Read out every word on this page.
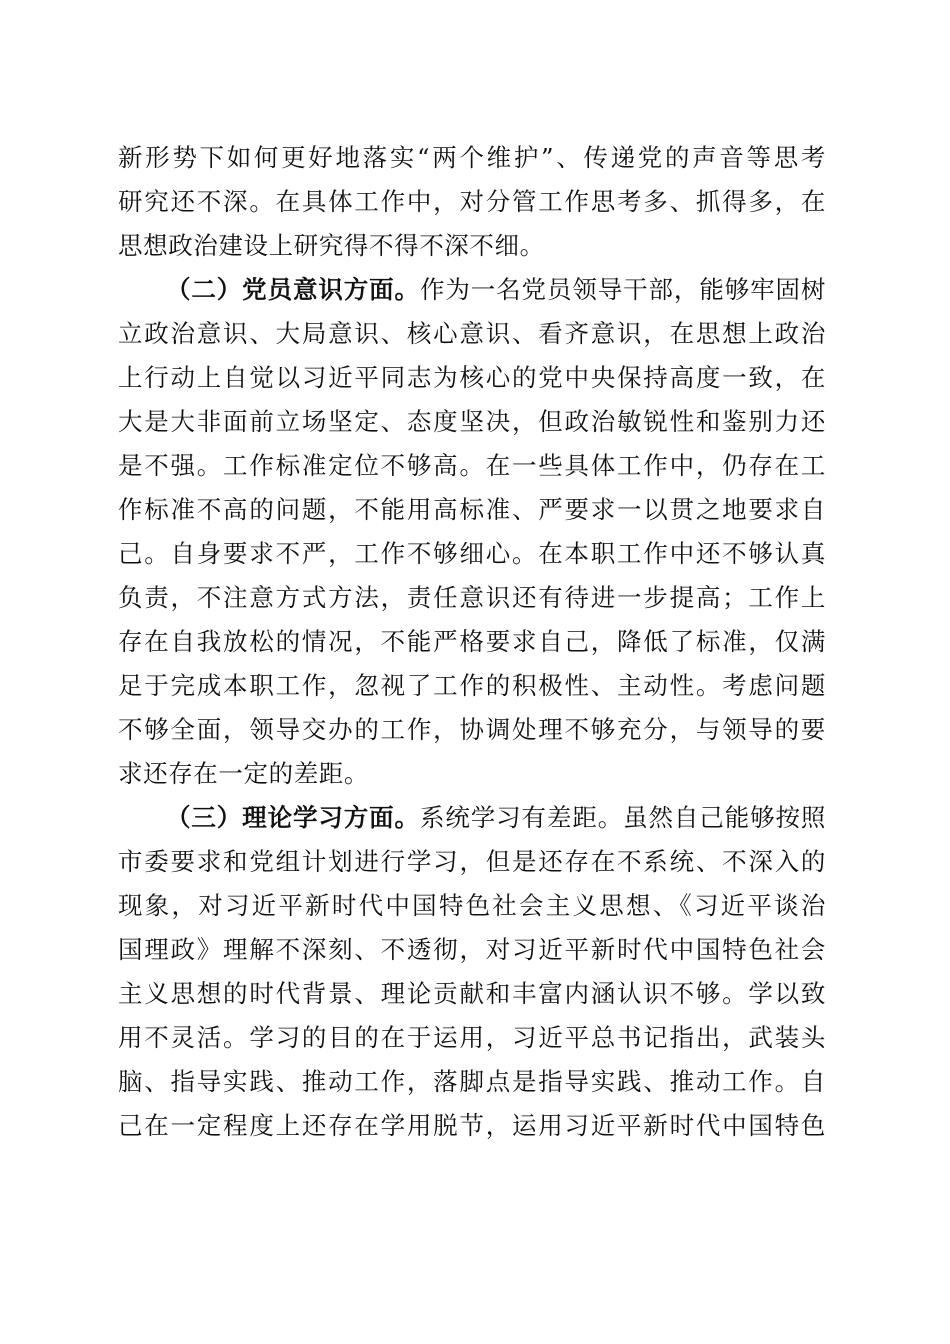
新形势下如何更好地落实“两个维护”、传递党的声音等思考
研究还不深。在具体工作中，对分管工作思考多、抓得多，在
思想政治建设上研究得不得不深不细。
（二）党员意识方面。作为一名党员领导干部，能够牢固树
立政治意识、大局意识、核心意识、看齐意识，在思想上政治
上行动上自觉以习近平同志为核心的党中央保持高度一致，在
大是大非面前立场坚定、态度坚决，但政治敏锐性和鉴别力还
是不强。工作标准定位不够高。在一些具体工作中，仍存在工
作标准不高的问题，不能用高标准、严要求一以贯之地要求自
己。自身要求不严，工作不够细心。在本职工作中还不够认真
负责，不注意方式方法，责任意识还有待进一步提高；工作上
存在自我放松的情况，不能严格要求自己，降低了标准，仅满
足于完成本职工作，忽视了工作的积极性、主动性。考虑问题
不够全面，领导交办的工作，协调处理不够充分，与领导的要
求还存在一定的差距。
（三）理论学习方面。系统学习有差距。虽然自己能够按照
市委要求和党组计划进行学习，但是还存在不系统、不深入的
现象，对习近平新时代中国特色社会主义思想、《习近平谈治
国理政》理解不深刻、不透彻，对习近平新时代中国特色社会
主义思想的时代背景、理论贡献和丰富内涵认识不够。学以致
用不灵活。学习的目的在于运用，习近平总书记指出，武装头
脑、指导实践、推动工作，落脚点是指导实践、推动工作。自
己在一定程度上还存在学用脱节，运用习近平新时代中国特色
